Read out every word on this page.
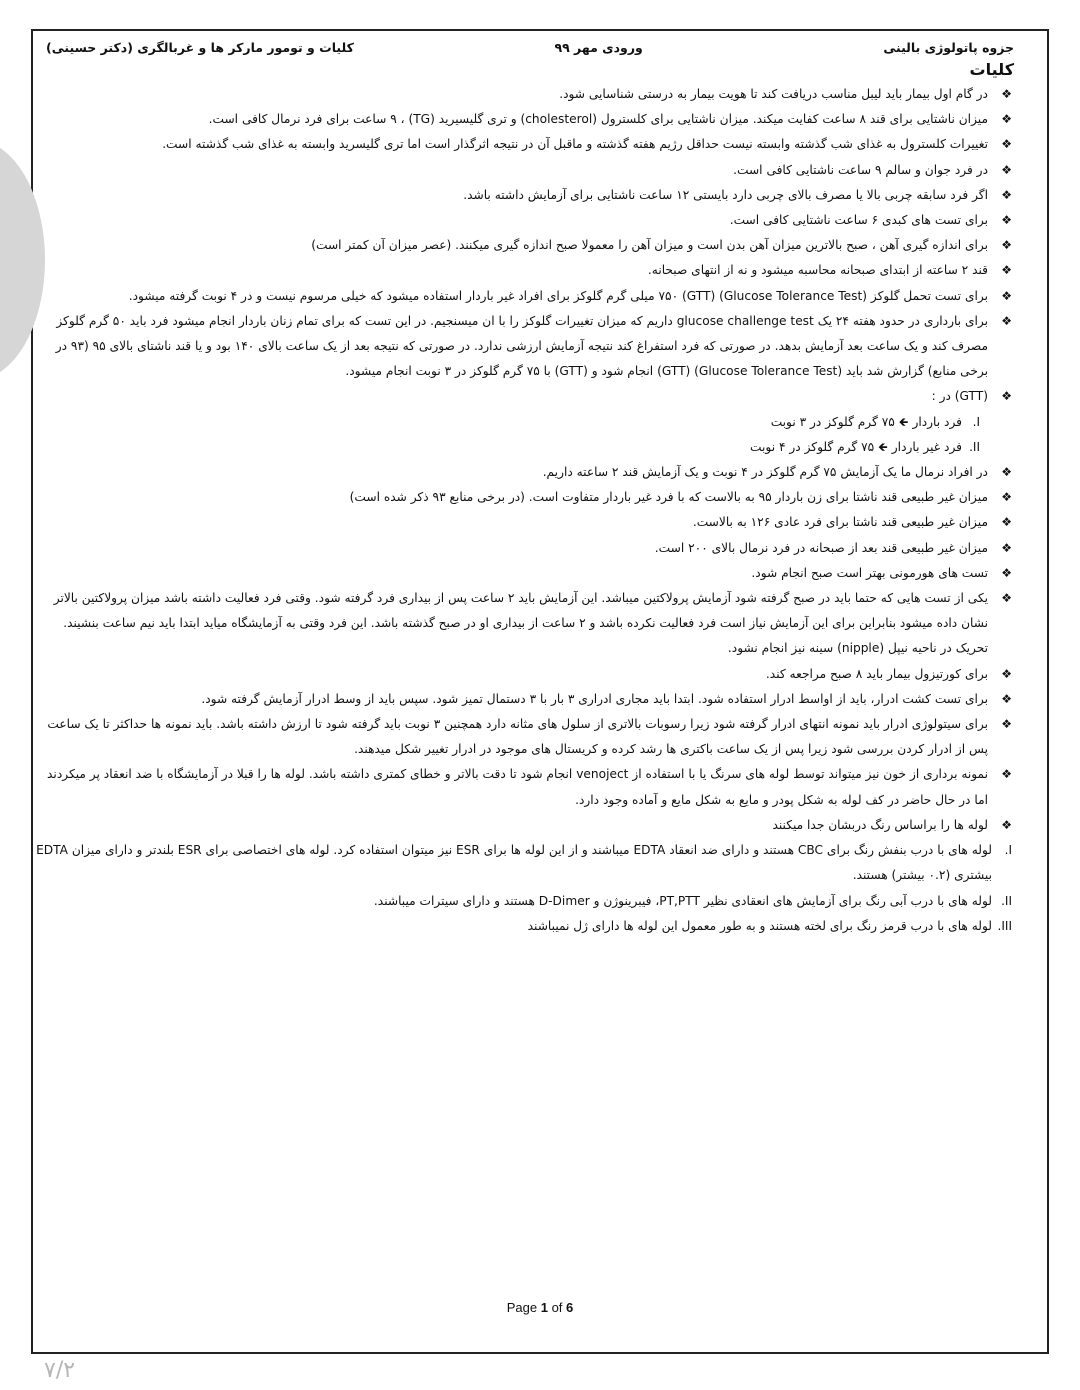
جزوه پاتولوژی بالینی
ورودی مهر ۹۹
کلیات و تومور مارکر ها و غربالگری (دکتر حسینی)
کلیات
❖
در گام اول بیمار باید لیبل مناسب دریافت کند تا هویت بیمار به درستی شناسایی شود.
❖
میزان ناشتایی برای قند ۸ ساعت کفایت میکند. میزان ناشتایی برای کلسترول (cholesterol) و تری گلیسیرید (TG) ، ۹ ساعت برای فرد نرمال کافی است.
❖
تغییرات کلسترول به غذای شب گذشته وابسته نیست حداقل رژیم هفته گذشته و ماقبل آن در نتیجه اثرگذار است اما تری گلیسرید وابسته به غذای شب گذشته است.
❖
در فرد جوان و سالم ۹ ساعت ناشتایی کافی است.
❖
اگر فرد سابقه چربی بالا یا مصرف بالای چربی دارد بایستی ۱۲ ساعت ناشتایی برای آزمایش داشته باشد.
❖
برای تست های کبدی ۶ ساعت ناشتایی کافی است.
❖
برای اندازه گیری آهن ، صبح بالاترین میزان آهن بدن است و میزان آهن را معمولا صبح اندازه گیری میکنند. (عصر میزان آن کمتر است)
❖
قند ۲ ساعته از ابتدای صبحانه محاسبه میشود و نه از انتهای صبحانه.
❖
برای تست تحمل گلوکز (Glucose Tolerance Test) (GTT) ۷۵۰ میلی گرم گلوکز برای افراد غیر باردار استفاده میشود که خیلی مرسوم نیست و در ۴ نوبت گرفته میشود.
❖
برای بارداری در حدود هفته ۲۴ یک glucose challenge test داریم که میزان تغییرات گلوکز را با ان میسنجیم. در این تست که برای تمام زنان باردار انجام میشود فرد باید ۵۰ گرم گلوکز مصرف کند و یک ساعت بعد آزمایش بدهد. در صورتی که فرد استفراغ کند نتیجه آزمایش ارزشی ندارد. در صورتی که نتیجه بعد از یک ساعت بالای ۱۴۰ بود و یا قند ناشتای بالای ۹۵ (۹۳ در برخی منابع) گزارش شد باید (Glucose Tolerance Test) (GTT) انجام شود و (GTT) با ۷۵ گرم گلوکز در ۳ نوبت انجام میشود.
❖
(GTT) در :
I.
فرد باردار 🡸 ۷۵ گرم گلوکز در ۳ نوبت
II.
فرد غیر باردار 🡸 ۷۵ گرم گلوکز در ۴ نوبت
❖
در افراد نرمال ما یک آزمایش ۷۵ گرم گلوکز در ۴ نوبت و یک آزمایش قند ۲ ساعته داریم.
❖
میزان غیر طبیعی قند ناشتا برای زن باردار ۹۵ به بالاست که با فرد غیر باردار متفاوت است. (در برخی منابع ۹۳ ذکر شده است)
❖
میزان غیر طبیعی قند ناشتا برای فرد عادی ۱۲۶ به بالاست.
❖
میزان غیر طبیعی قند بعد از صبحانه در فرد نرمال بالای ۲۰۰ است.
❖
تست های هورمونی بهتر است صبح انجام شود.
❖
یکی از تست هایی که حتما باید در صبح گرفته شود آزمایش پرولاکتین میباشد. این آزمایش باید ۲ ساعت پس از بیداری فرد گرفته شود. وقتی فرد فعالیت داشته باشد میزان پرولاکتین بالاتر نشان داده میشود بنابراین برای این آزمایش نیاز است فرد فعالیت نکرده باشد و ۲ ساعت از بیداری او در صبح گذشته باشد. این فرد وقتی به آزمایشگاه میاید ابتدا باید نیم ساعت بنشیند. تحریک در ناحیه نیپل (nipple) سینه نیز انجام نشود.
❖
برای کورتیزول بیمار باید ۸ صبح مراجعه کند.
❖
برای تست کشت ادرار، باید از اواسط ادرار استفاده شود. ابتدا باید مجاری ادراری ۳ بار با ۳ دستمال تمیز شود. سپس باید از وسط ادرار آزمایش گرفته شود.
❖
برای سیتولوژی ادرار باید نمونه انتهای ادرار گرفته شود زیرا رسوبات بالاتری از سلول های مثانه دارد همچنین ۳ نوبت باید گرفته شود تا ارزش داشته باشد. باید نمونه ها حداکثر تا یک ساعت پس از ادرار کردن بررسی شود زیرا پس از یک ساعت باکتری ها رشد کرده و کریستال های موجود در ادرار تغییر شکل میدهند.
❖
نمونه برداری از خون نیز میتواند توسط لوله های سرنگ یا با استفاده از venoject انجام شود تا دقت بالاتر و خطای کمتری داشته باشد. لوله ها را قبلا در آزمایشگاه با ضد انعقاد پر میکردند اما در حال حاضر در کف لوله به شکل پودر و مایع به شکل مایع و آماده وجود دارد.
❖
لوله ها را براساس رنگ دربشان جدا میکنند
I.
لوله های با درب بنفش رنگ برای CBC هستند و دارای ضد انعقاد EDTA میباشند و از این لوله ها برای ESR نیز میتوان استفاده کرد. لوله های اختصاصی برای ESR بلندتر و دارای میزان EDTA بیشتری (۰.۲ بیشتر) هستند.
II.
لوله های با درب آبی رنگ برای آزمایش های انعقادی نظیر PT,PTT، فیبرینوژن و D-Dimer هستند و دارای سیترات میباشند.
III.
لوله های با درب قرمز رنگ برای لخته هستند و به طور معمول این لوله ها دارای ژل نمیباشند
Page 1 of 6
۷/۲
